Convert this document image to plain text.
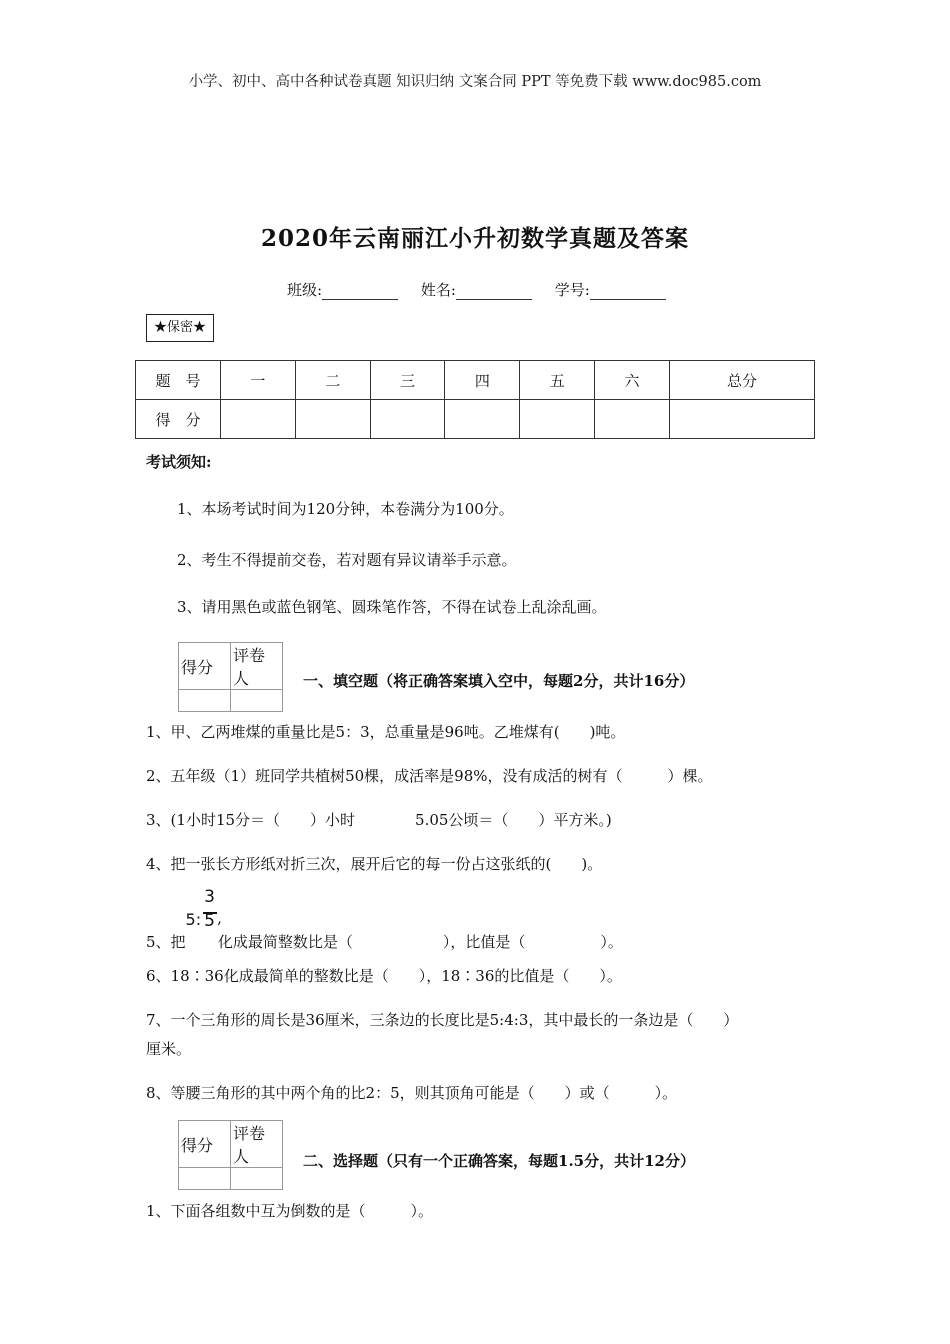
小学、初中、高中各种试卷真题 知识归纳 文案合同 PPT 等免费下载 www.doc985.com
2020年云南丽江小升初数学真题及答案
班级:	姓名:	学号:
★保密★
题　号	一	二	三	四	五	六	总分
得　分							
考试须知:
1、本场考试时间为120分钟，本卷满分为100分。
2、考生不得提前交卷，若对题有异议请举手示意。
3、请用黑色或蓝色钢笔、圆珠笔作答，不得在试卷上乱涂乱画。
得分	评卷人
		一、填空题（将正确答案填入空中，每题2分，共计16分）
1、甲、乙两堆煤的重量比是5：3，总重量是96吨。乙堆煤有(　　)吨。
2、五年级（1）班同学共植树50棵，成活率是98%，没有成活的树有（　　　）棵。
3、(1小时15分＝（　　）小时　　　　5.05公顷＝（　　）平方米。)
4、把一张长方形纸对折三次，展开后它的每一份占这张纸的(　　)。
5、把5: $\frac{3}{5}$
,化成最简整数比是（　　　　　　），比值是（　　　　　）。
6、18∶36化成最简单的整数比是（　　），18∶36的比值是（　　）。
7、一个三角形的周长是36厘米，三条边的长度比是5:4:3，其中最长的一条边是（　　）
厘米。
8、等腰三角形的其中两个角的比2：5，则其顶角可能是（　　）或（　　　）。
得分	评卷人
		二、选择题（只有一个正确答案，每题1.5分，共计12分）
1、下面各组数中互为倒数的是（　　　）。
